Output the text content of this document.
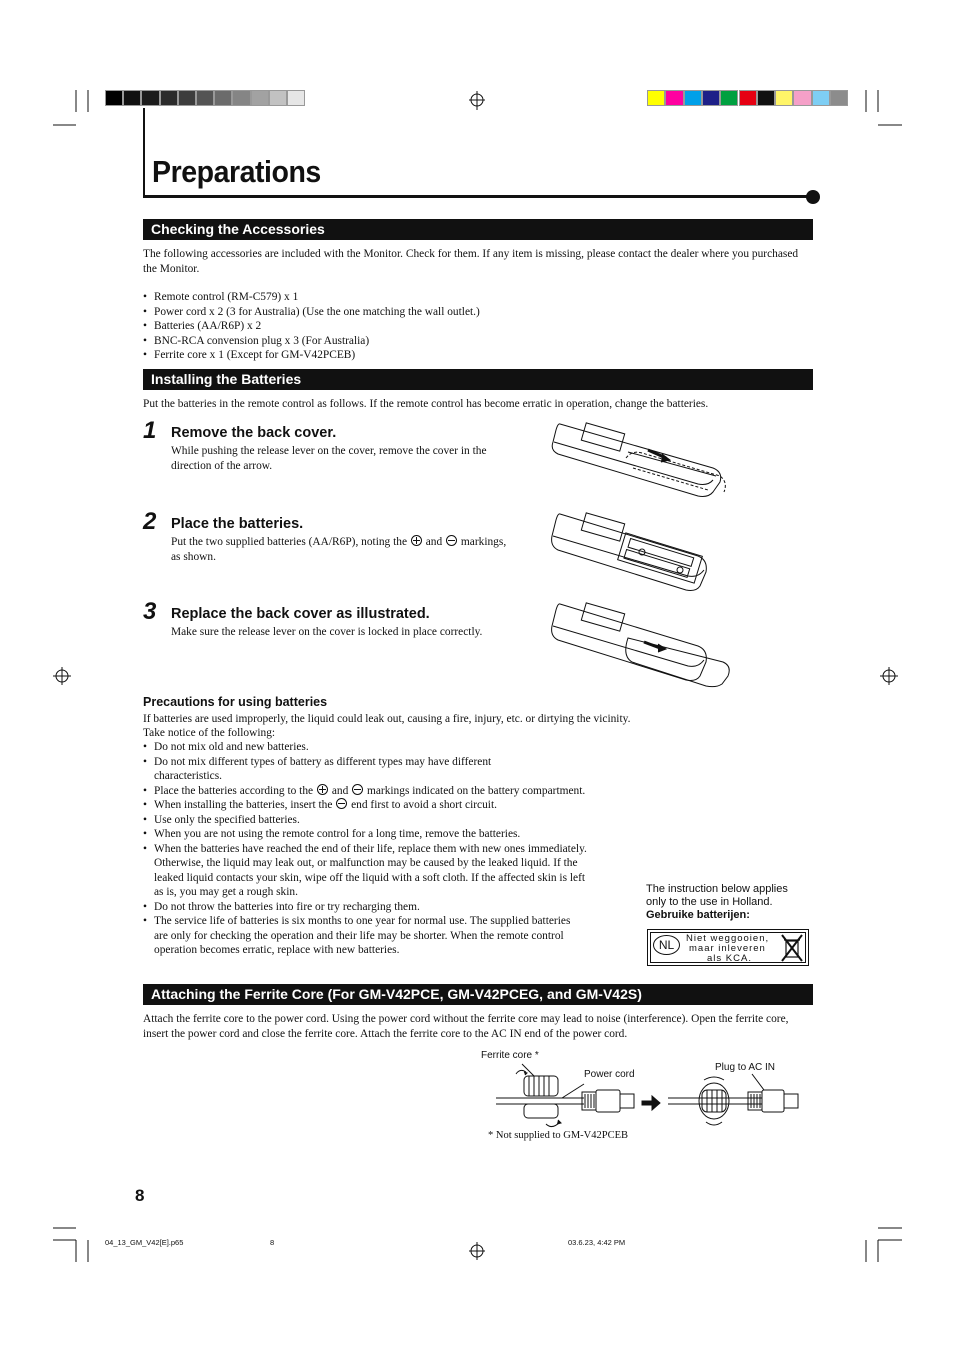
Preparations
Checking the Accessories
The following accessories are included with the Monitor. Check for them. If any item is missing, please contact the dealer where you purchased the Monitor.
• Remote control (RM-C579) x 1
• Power cord x 2 (3 for Australia) (Use the one matching the wall outlet.)
• Batteries (AA/R6P) x 2
• BNC-RCA convension plug x 3 (For Australia)
• Ferrite core x 1 (Except for GM-V42PCEB)
Installing the Batteries
Put the batteries in the remote control as follows. If the remote control has become erratic in operation, change the batteries.
1 Remove the back cover.
While pushing the release lever on the cover, remove the cover in the direction of the arrow.
2 Place the batteries.
Put the two supplied batteries (AA/R6P), noting the and markings, as shown.
3 Replace the back cover as illustrated.
Make sure the release lever on the cover is locked in place correctly.
Precautions for using batteries
If batteries are used improperly, the liquid could leak out, causing a fire, injury, etc. or dirtying the vicinity.
Take notice of the following:
• Do not mix old and new batteries.
• Do not mix different types of battery as different types may have different characteristics.
• Place the batteries according to the and markings indicated on the battery compartment.
• When installing the batteries, insert the end first to avoid a short circuit.
• Use only the specified batteries.
• When you are not using the remote control for a long time, remove the batteries.
• When the batteries have reached the end of their life, replace them with new ones immediately. Otherwise, the liquid may leak out, or malfunction may be caused by the leaked liquid. If the leaked liquid contacts your skin, wipe off the liquid with a soft cloth. If the affected skin is left as is, you may get a rough skin.
• Do not throw the batteries into fire or try recharging them.
• The service life of batteries is six months to one year for normal use. The supplied batteries are only for checking the operation and their life may be shorter. When the remote control operation becomes erratic, replace with new batteries.
The instruction below applies only to the use in Holland.
Gebruike batterijen:
NL	Niet weggooien,
maar inleveren
als KCA.
Attaching the Ferrite Core (For GM-V42PCE, GM-V42PCEG, and GM-V42S)
Attach the ferrite core to the power cord. Using the power cord without the ferrite core may lead to noise (interference). Open the ferrite core, insert the power cord and close the ferrite core. Attach the ferrite core to the AC IN end of the power cord.
Ferrite core *
Power cord
Plug to AC IN
* Not supplied to GM-V42PCEB
8
04_13_GM_V42[E].p65	8	03.6.23, 4:42 PM
